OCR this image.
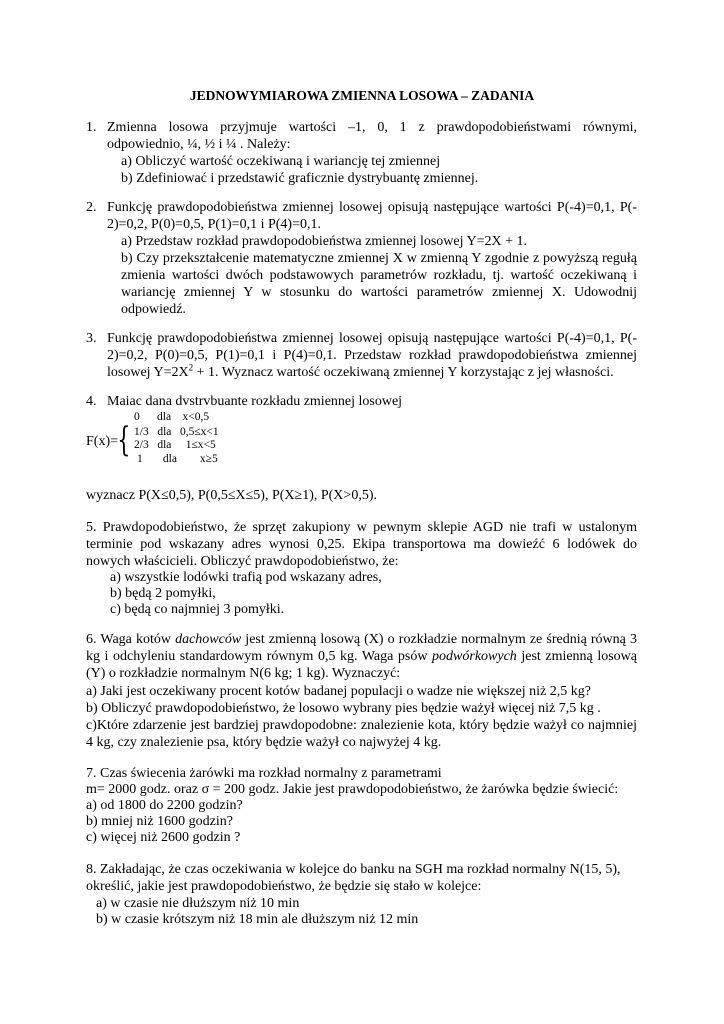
JEDNOWYMIAROWA ZMIENNA LOSOWA – ZADANIA
1. Zmienna losowa przyjmuje wartości –1, 0, 1 z prawdopodobieństwami równymi,
odpowiednio, ¼, ½ i ¼ . Należy:
a) Obliczyć wartość oczekiwaną i wariancję tej zmiennej
b) Zdefiniować i przedstawić graficznie dystrybuantę zmiennej.
2. Funkcję prawdopodobieństwa zmiennej losowej opisują następujące wartości P(-4)=0,1, P(-
2)=0,2, P(0)=0,5, P(1)=0,1 i P(4)=0,1.
a) Przedstaw rozkład prawdopodobieństwa zmiennej losowej Y=2X + 1.
b) Czy przekształcenie matematyczne zmiennej X w zmienną Y zgodnie z powyższą regułą
zmienia wartości dwóch podstawowych parametrów rozkładu, tj. wartość oczekiwaną i
wariancję zmiennej Y w stosunku do wartości parametrów zmiennej X. Udowodnij
odpowiedź.
3. Funkcję prawdopodobieństwa zmiennej losowej opisują następujące wartości P(-4)=0,1, P(-
2)=0,2, P(0)=0,5, P(1)=0,1 i P(4)=0,1. Przedstaw rozkład prawdopodobieństwa zmiennej
losowej $Y=2X^2 + 1$. Wyznacz wartość oczekiwaną zmiennej Y korzystając z jej własności.
4. Maiac dana dvstrvbuante rozkładu zmiennej losowej
0      dla    x<0,5
1/3   dla   0,5≤x<1
2/3   dla     1≤x<5
1       dla        x≥5
F(x)= {
wyznacz P(X≤0,5), P(0,5≤X≤5), P(X≥1), P(X>0,5).
5. Prawdopodobieństwo, że sprzęt zakupiony w pewnym sklepie AGD nie trafi w ustalonym
terminie pod wskazany adres wynosi 0,25. Ekipa transportowa ma dowieźć 6 lodówek do
nowych właścicieli. Obliczyć prawdopodobieństwo, że:
a) wszystkie lodówki trafią pod wskazany adres,
b) będą 2 pomyłki,
c) będą co najmniej 3 pomyłki.
6. Waga kotów dachowców jest zmienną losową (X) o rozkładzie normalnym ze średnią równą 3
kg i odchyleniu standardowym równym 0,5 kg. Waga psów podwórkowych jest zmienną losową
(Y) o rozkładzie normalnym N(6 kg; 1 kg). Wyznaczyć:
a) Jaki jest oczekiwany procent kotów badanej populacji o wadze nie większej niż 2,5 kg?
b) Obliczyć prawdopodobieństwo, że losowo wybrany pies będzie ważył więcej niż 7,5 kg .
c)Które zdarzenie jest bardziej prawdopodobne: znalezienie kota, który będzie ważył co najmniej
4 kg, czy znalezienie psa, który będzie ważył co najwyżej 4 kg.
7. Czas świecenia żarówki ma rozkład normalny z parametrami
m= 2000 godz. oraz σ = 200 godz. Jakie jest prawdopodobieństwo, że żarówka będzie świecić:
a) od 1800 do 2200 godzin?
b) mniej niż 1600 godzin?
c) więcej niż 2600 godzin ?
8. Zakładając, że czas oczekiwania w kolejce do banku na SGH ma rozkład normalny N(15, 5),
określić, jakie jest prawdopodobieństwo, że będzie się stało w kolejce:
a) w czasie nie dłuższym niż 10 min
b) w czasie krótszym niż 18 min ale dłuższym niż 12 min
